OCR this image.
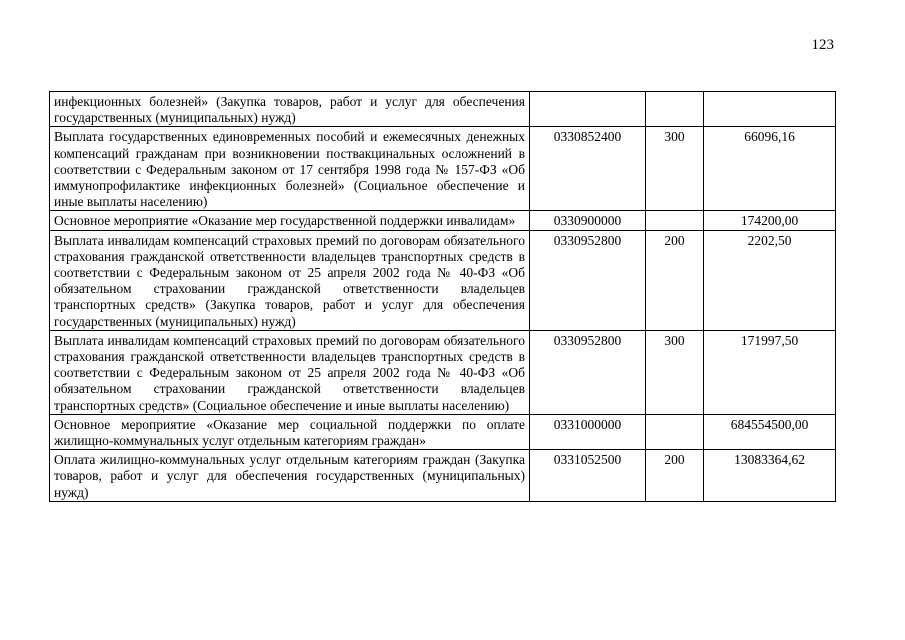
123
инфекционных болезней» (Закупка товаров, работ и услуг для обеспечения государственных (муниципальных) нужд)			
Выплата государственных единовременных пособий и ежемесячных денежных компенсаций гражданам при возникновении поствакцинальных осложнений в соответствии с Федеральным законом от 17 сентября 1998 года № 157-ФЗ «Об иммунопрофилактике инфекционных болезней» (Социальное обеспечение и иные выплаты населению)	0330852400	300	66096,16
Основное мероприятие «Оказание мер государственной поддержки инвалидам»	0330900000		174200,00
Выплата инвалидам компенсаций страховых премий по договорам обязательного страхования гражданской ответственности владельцев транспортных средств в соответствии с Федеральным законом от 25 апреля 2002 года № 40-ФЗ «Об обязательном страховании гражданской ответственности владельцев транспортных средств» (Закупка товаров, работ и услуг для обеспечения государственных (муниципальных) нужд)	0330952800	200	2202,50
Выплата инвалидам компенсаций страховых премий по договорам обязательного страхования гражданской ответственности владельцев транспортных средств в соответствии с Федеральным законом от 25 апреля 2002 года № 40-ФЗ «Об обязательном страховании гражданской ответственности владельцев транспортных средств» (Социальное обеспечение и иные выплаты населению)	0330952800	300	171997,50
Основное мероприятие «Оказание мер социальной поддержки по оплате жилищно-коммунальных услуг отдельным категориям граждан»	0331000000		684554500,00
Оплата жилищно-коммунальных услуг отдельным категориям граждан (Закупка товаров, работ и услуг для обеспечения государственных (муниципальных) нужд)	0331052500	200	13083364,62
